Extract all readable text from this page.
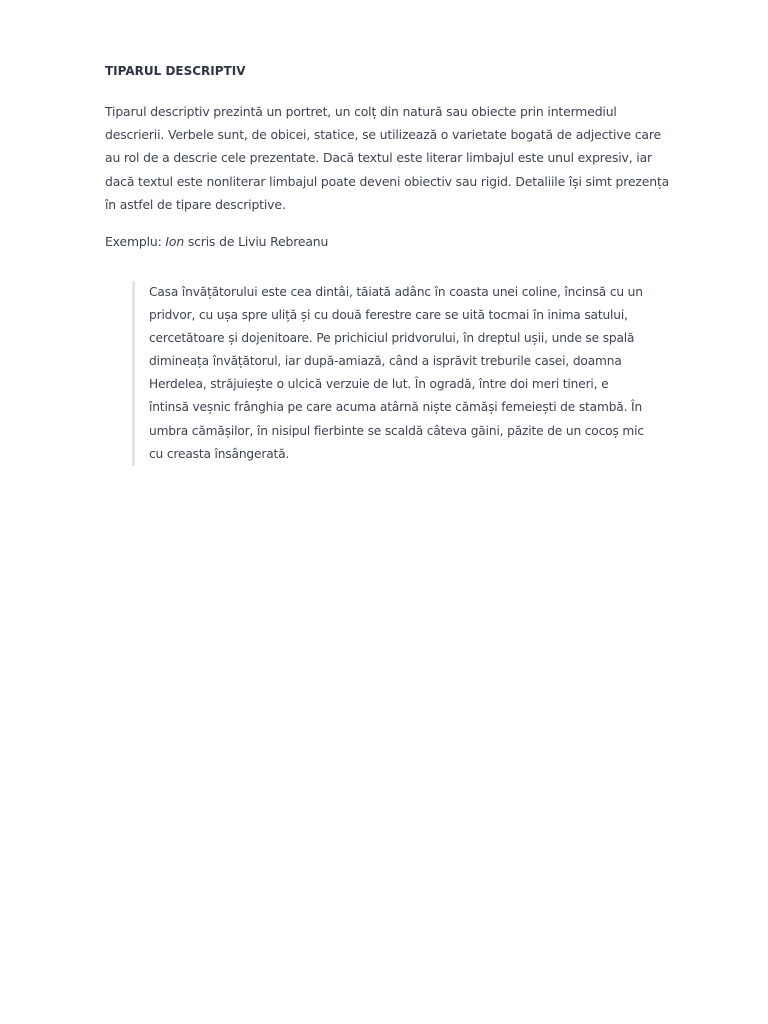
TIPARUL DESCRIPTIV

Tiparul descriptiv prezintă un portret, un colț din natură sau obiecte prin intermediul descrierii. Verbele sunt, de obicei, statice, se utilizează o varietate bogată de adjective care au rol de a descrie cele prezentate. Dacă textul este literar limbajul este unul expresiv, iar dacă textul este nonliterar limbajul poate deveni obiectiv sau rigid. Detaliile își simt prezența în astfel de tipare descriptive.

Exemplu: Ion scris de Liviu Rebreanu

Casa învățătorului este cea dintâi, tăiată adânc în coasta unei coline, încinsă cu un pridvor, cu ușa spre uliță și cu două ferestre care se uită tocmai în inima satului, cercetătoare și dojenitoare. Pe prichiciul pridvorului, în dreptul ușii, unde se spală dimineața învățătorul, iar după-amiază, când a isprăvit treburile casei, doamna Herdelea, străjuiește o ulcică verzuie de lut. În ogradă, între doi meri tineri, e întinsă veșnic frânghia pe care acuma atârnă niște cămăși femeiești de stambă. În umbra cămășilor, în nisipul fierbinte se scaldă câteva găini, păzite de un cocoș mic cu creasta însângerată.
